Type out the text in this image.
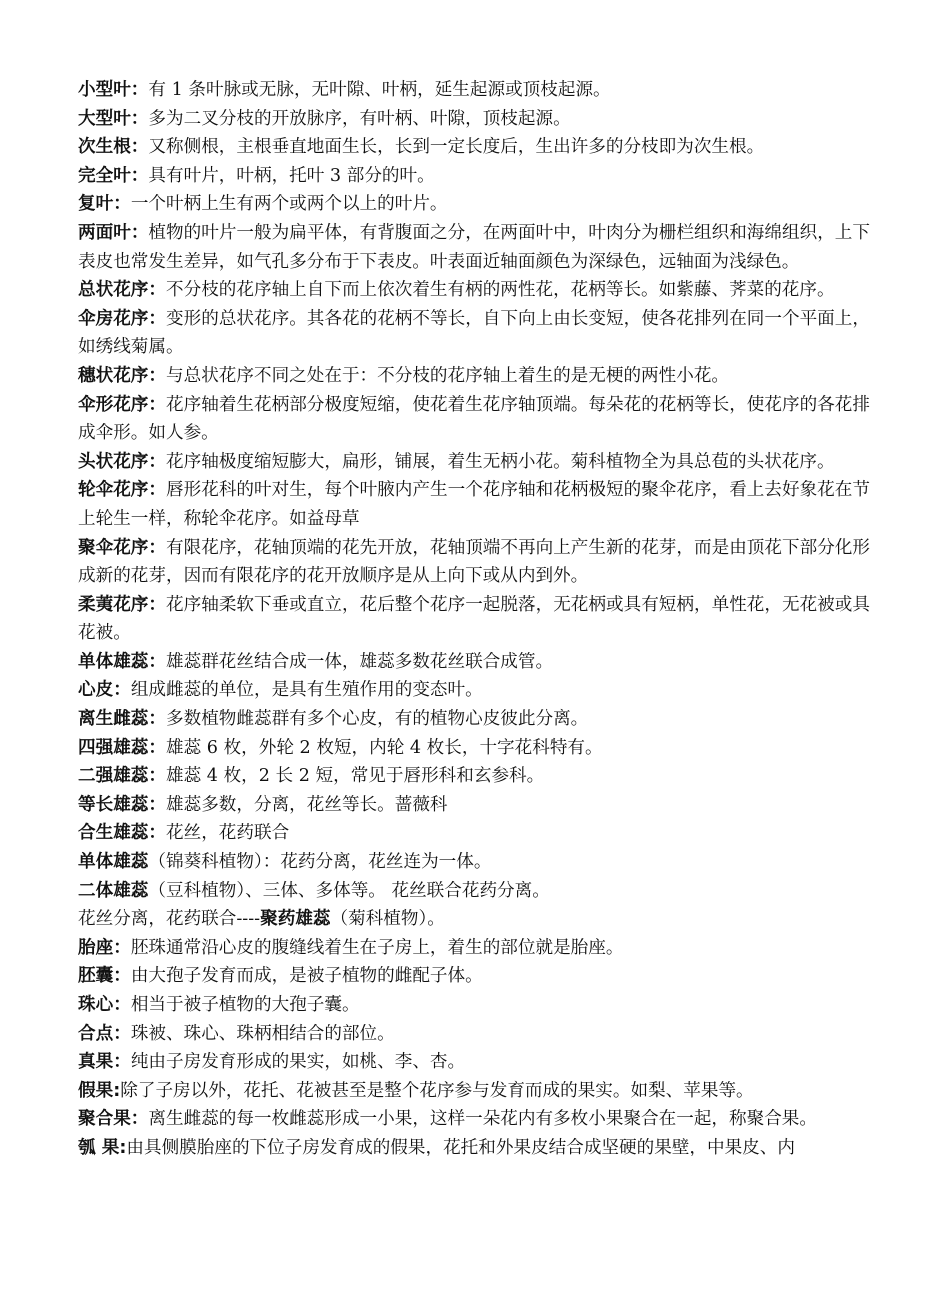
小型叶：有 1 条叶脉或无脉，无叶隙、叶柄，延生起源或顶枝起源。

大型叶：多为二叉分枝的开放脉序，有叶柄、叶隙，顶枝起源。

次生根：又称侧根，主根垂直地面生长，长到一定长度后，生出许多的分枝即为次生根。

完全叶：具有叶片，叶柄，托叶 3 部分的叶。

复叶：一个叶柄上生有两个或两个以上的叶片。

两面叶：植物的叶片一般为扁平体，有背腹面之分，在两面叶中，叶肉分为栅栏组织和海绵组织，上下表皮也常发生差异，如气孔多分布于下表皮。叶表面近轴面颜色为深绿色，远轴面为浅绿色。

总状花序：不分枝的花序轴上自下而上依次着生有柄的两性花，花柄等长。如紫藤、荠菜的花序。

伞房花序：变形的总状花序。其各花的花柄不等长，自下向上由长变短，使各花排列在同一个平面上，如绣线菊属。

穗状花序：与总状花序不同之处在于：不分枝的花序轴上着生的是无梗的两性小花。

伞形花序：花序轴着生花柄部分极度短缩，使花着生花序轴顶端。每朵花的花柄等长，使花序的各花排成伞形。如人参。

头状花序：花序轴极度缩短膨大，扁形，铺展，着生无柄小花。菊科植物全为具总苞的头状花序。

轮伞花序：唇形花科的叶对生，每个叶腋内产生一个花序轴和花柄极短的聚伞花序，看上去好象花在节上轮生一样，称轮伞花序。如益母草

聚伞花序：有限花序，花轴顶端的花先开放，花轴顶端不再向上产生新的花芽，而是由顶花下部分化形成新的花芽，因而有限花序的花开放顺序是从上向下或从内到外。

柔荑花序：花序轴柔软下垂或直立，花后整个花序一起脱落，无花柄或具有短柄，单性花，无花被或具花被。

单体雄蕊：雄蕊群花丝结合成一体，雄蕊多数花丝联合成管。

心皮：组成雌蕊的单位，是具有生殖作用的变态叶。

离生雌蕊：多数植物雌蕊群有多个心皮，有的植物心皮彼此分离。

四强雄蕊：雄蕊 6 枚，外轮 2 枚短，内轮 4 枚长，十字花科特有。

二强雄蕊：雄蕊 4 枚，2 长 2 短，常见于唇形科和玄参科。

等长雄蕊：雄蕊多数，分离，花丝等长。蔷薇科

合生雄蕊：花丝，花药联合

单体雄蕊（锦葵科植物）：花药分离，花丝连为一体。

二体雄蕊（豆科植物）、三体、多体等。 花丝联合花药分离。

花丝分离，花药联合----聚药雄蕊（菊科植物）。

胎座：胚珠通常沿心皮的腹缝线着生在子房上，着生的部位就是胎座。

胚囊：由大孢子发育而成，是被子植物的雌配子体。

珠心：相当于被子植物的大孢子囊。

合点：珠被、珠心、珠柄相结合的部位。

真果：纯由子房发育形成的果实，如桃、李、杏。

假果:除了子房以外，花托、花被甚至是整个花序参与发育而成的果实。如梨、苹果等。

聚合果：离生雌蕊的每一枚雌蕊形成一小果，这样一朵花内有多枚小果聚合在一起，称聚合果。

瓠 果:由具侧膜胎座的下位子房发育成的假果，花托和外果皮结合成坚硬的果壁，中果皮、内
